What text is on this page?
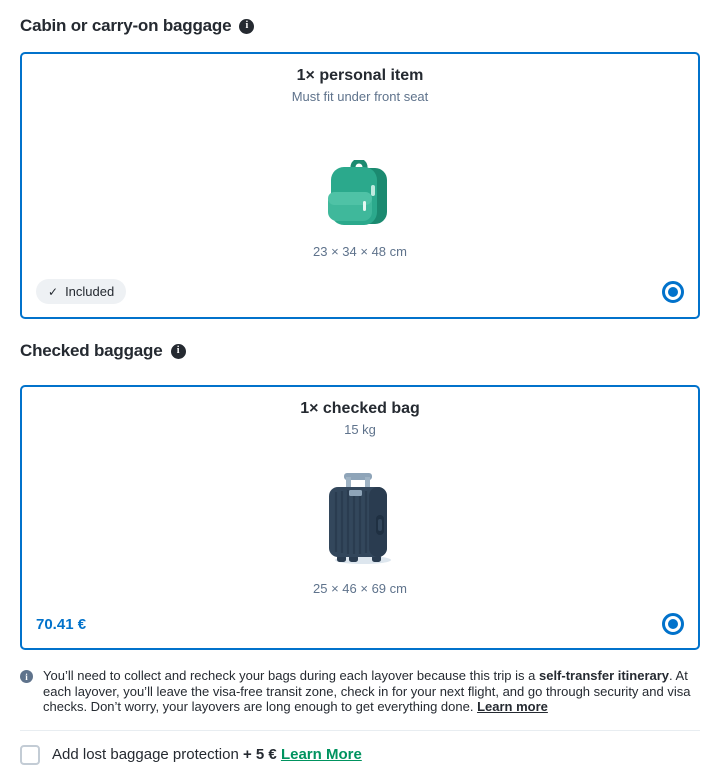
Cabin or carry-on baggage	i
1× personal item
Must fit under front seat
23 × 34 × 48 cm
✓ Included
Checked baggage	i
1× checked bag
15 kg
25 × 46 × 69 cm
70.41 €
i	You’ll need to collect and recheck your bags during each layover because this trip is a self-transfer itinerary. At each layover, you’ll leave the visa-free transit zone, check in for your next flight, and go through security and visa checks. Don’t worry, your layovers are long enough to get everything done. Learn more
Add lost baggage protection + 5 € Learn More
